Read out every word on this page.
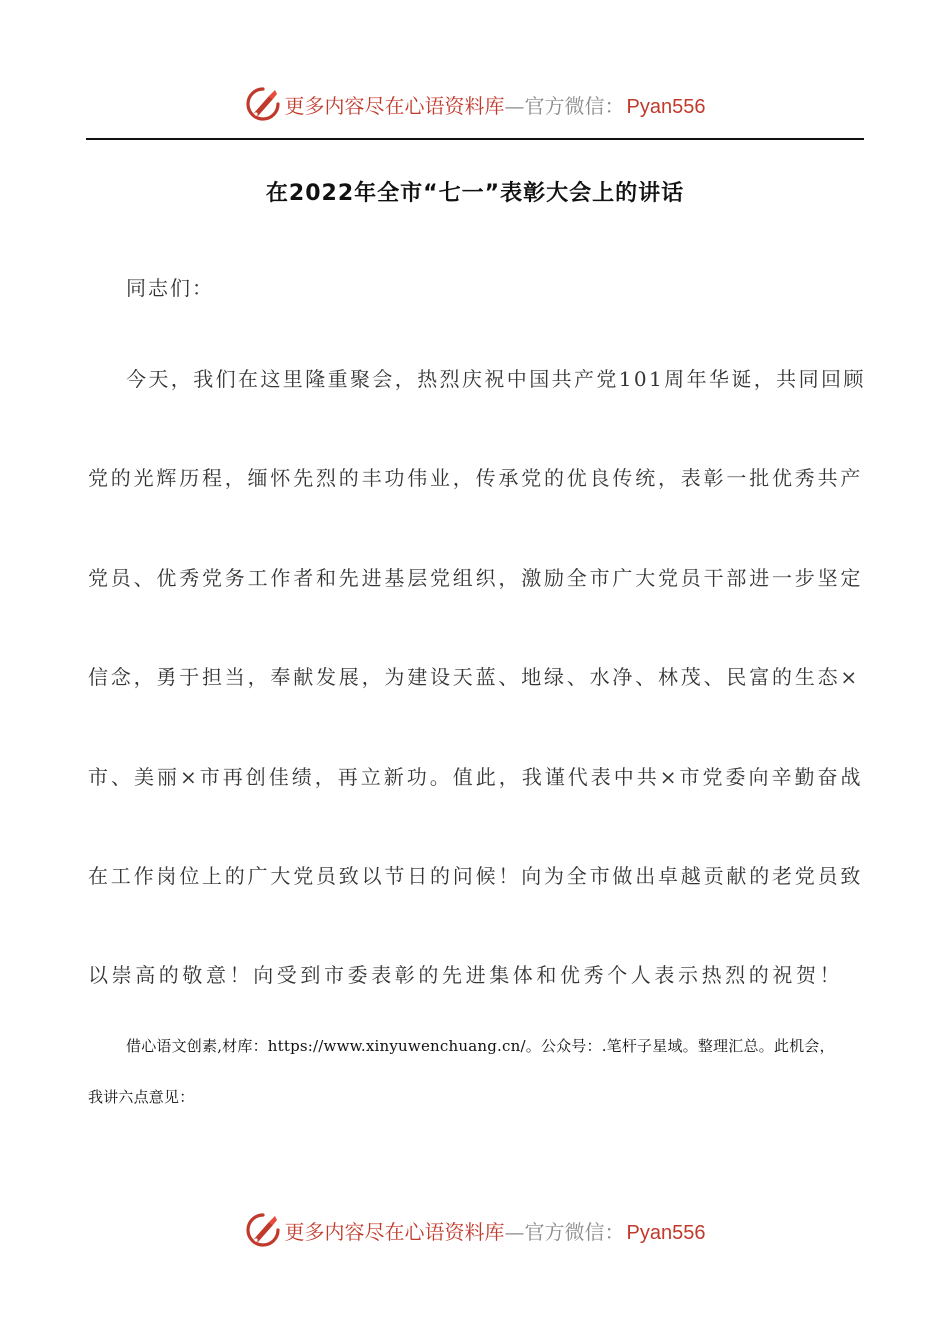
更多内容尽在心语资料库—官方微信： Pyan556
在2022年全市“七一”表彰大会上的讲话
同志们：
今天，我们在这里隆重聚会，热烈庆祝中国共产党101周年华诞，共同回顾
党的光辉历程，缅怀先烈的丰功伟业，传承党的优良传统，表彰一批优秀共产
党员、优秀党务工作者和先进基层党组织，激励全市广大党员干部进一步坚定
信念，勇于担当，奉献发展，为建设天蓝、地绿、水净、林茂、民富的生态×
市、美丽×市再创佳绩，再立新功。值此，我谨代表中共×市党委向辛勤奋战
在工作岗位上的广大党员致以节日的问候！向为全市做出卓越贡献的老党员致
以崇高的敬意！向受到市委表彰的先进集体和优秀个人表示热烈的祝贺！
借心语文创素,材库：https://www.xinyuwenchuang.cn/。公众号：.笔杆子星域。整理汇总。此机会，
我讲六点意见：
更多内容尽在心语资料库—官方微信： Pyan556
